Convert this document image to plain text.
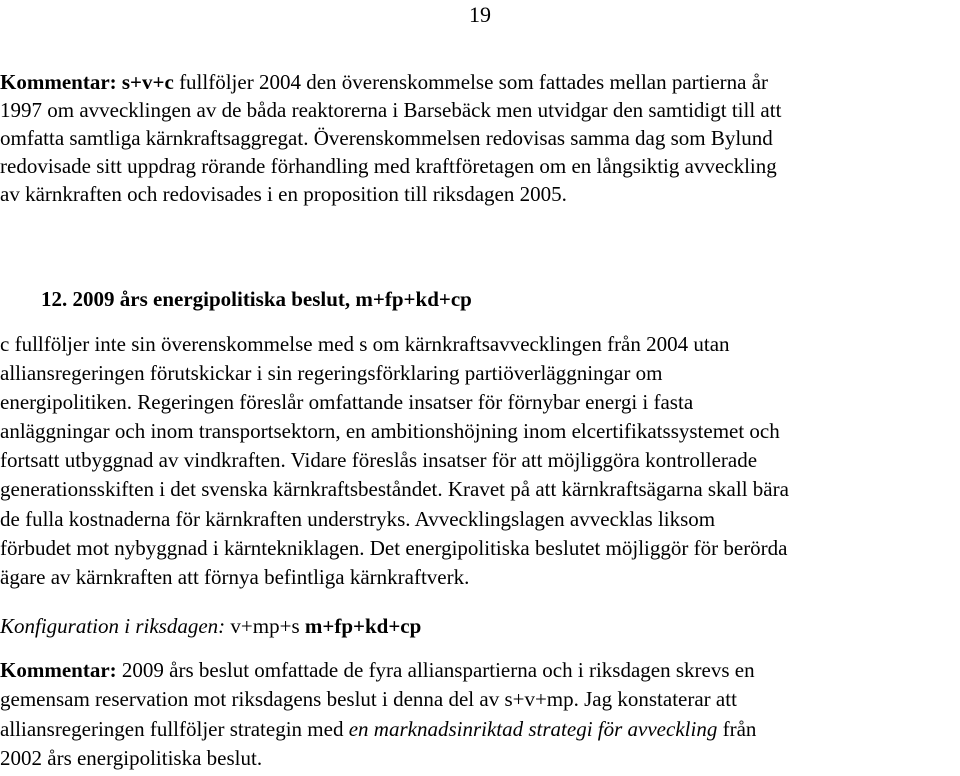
19

Kommentar: s+v+c fullföljer 2004 den överenskommelse som fattades mellan partierna år
1997 om avvecklingen av de båda reaktorerna i Barsebäck men utvidgar den samtidigt till att
omfatta samtliga kärnkraftsaggregat. Överenskommelsen redovisas samma dag som Bylund
redovisade sitt uppdrag rörande förhandling med kraftföretagen om en långsiktig avveckling
av kärnkraften och redovisades i en proposition till riksdagen 2005.

12. 2009 års energipolitiska beslut, m+fp+kd+cp

c fullföljer inte sin överenskommelse med s om kärnkraftsavvecklingen från 2004 utan
alliansregeringen förutskickar i sin regeringsförklaring partiöverläggningar om
energipolitiken. Regeringen föreslår omfattande insatser för förnybar energi i fasta
anläggningar och inom transportsektorn, en ambitionshöjning inom elcertifikatssystemet och
fortsatt utbyggnad av vindkraften. Vidare föreslås insatser för att möjliggöra kontrollerade
generationsskiften i det svenska kärnkraftsbeståndet. Kravet på att kärnkraftsägarna skall bära
de fulla kostnaderna för kärnkraften understryks. Avvecklingslagen avvecklas liksom
förbudet mot nybyggnad i kärntekniklagen. Det energipolitiska beslutet möjliggör för berörda
ägare av kärnkraften att förnya befintliga kärnkraftverk.

Konfiguration i riksdagen: v+mp+s m+fp+kd+cp

Kommentar: 2009 års beslut omfattade de fyra allianspartierna och i riksdagen skrevs en
gemensam reservation mot riksdagens beslut i denna del av s+v+mp. Jag konstaterar att
alliansregeringen fullföljer strategin med en marknadsinriktad strategi för avveckling från
2002 års energipolitiska beslut.
